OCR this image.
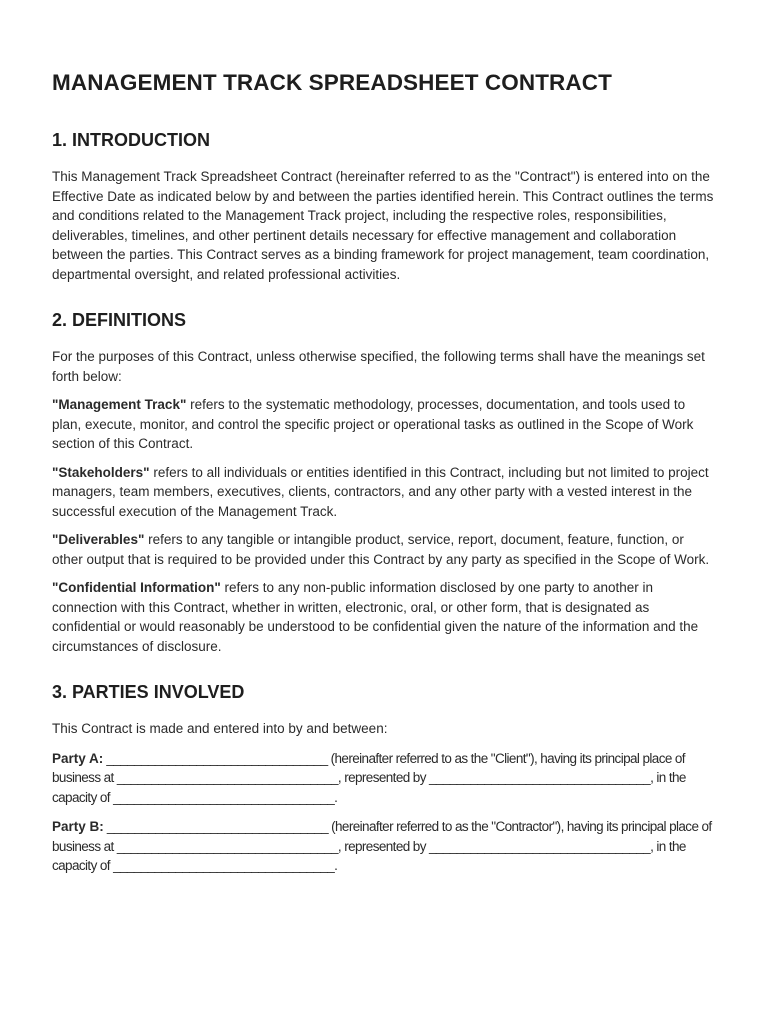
MANAGEMENT TRACK SPREADSHEET CONTRACT
1. INTRODUCTION

This Management Track Spreadsheet Contract (hereinafter referred to as the "Contract") is entered into on the Effective Date as indicated below by and between the parties identified herein. This Contract outlines the terms and conditions related to the Management Track project, including the respective roles, responsibilities, deliverables, timelines, and other pertinent details necessary for effective management and collaboration between the parties. This Contract serves as a binding framework for project management, team coordination, departmental oversight, and related professional activities.

2. DEFINITIONS

For the purposes of this Contract, unless otherwise specified, the following terms shall have the meanings set forth below:

"Management Track" refers to the systematic methodology, processes, documentation, and tools used to plan, execute, monitor, and control the specific project or operational tasks as outlined in the Scope of Work section of this Contract.

"Stakeholders" refers to all individuals or entities identified in this Contract, including but not limited to project managers, team members, executives, clients, contractors, and any other party with a vested interest in the successful execution of the Management Track.

"Deliverables" refers to any tangible or intangible product, service, report, document, feature, function, or other output that is required to be provided under this Contract by any party as specified in the Scope of Work.

"Confidential Information" refers to any non-public information disclosed by one party to another in connection with this Contract, whether in written, electronic, oral, or other form, that is designated as confidential or would reasonably be understood to be confidential given the nature of the information and the circumstances of disclosure.

3. PARTIES INVOLVED

This Contract is made and entered into by and between:

Party A: ________________________________ (hereinafter referred to as the "Client"), having its principal place of business at ________________________________, represented by ________________________________, in the capacity of ________________________________.

Party B: ________________________________ (hereinafter referred to as the "Contractor"), having its principal place of business at ________________________________, represented by ________________________________, in the capacity of ________________________________.
